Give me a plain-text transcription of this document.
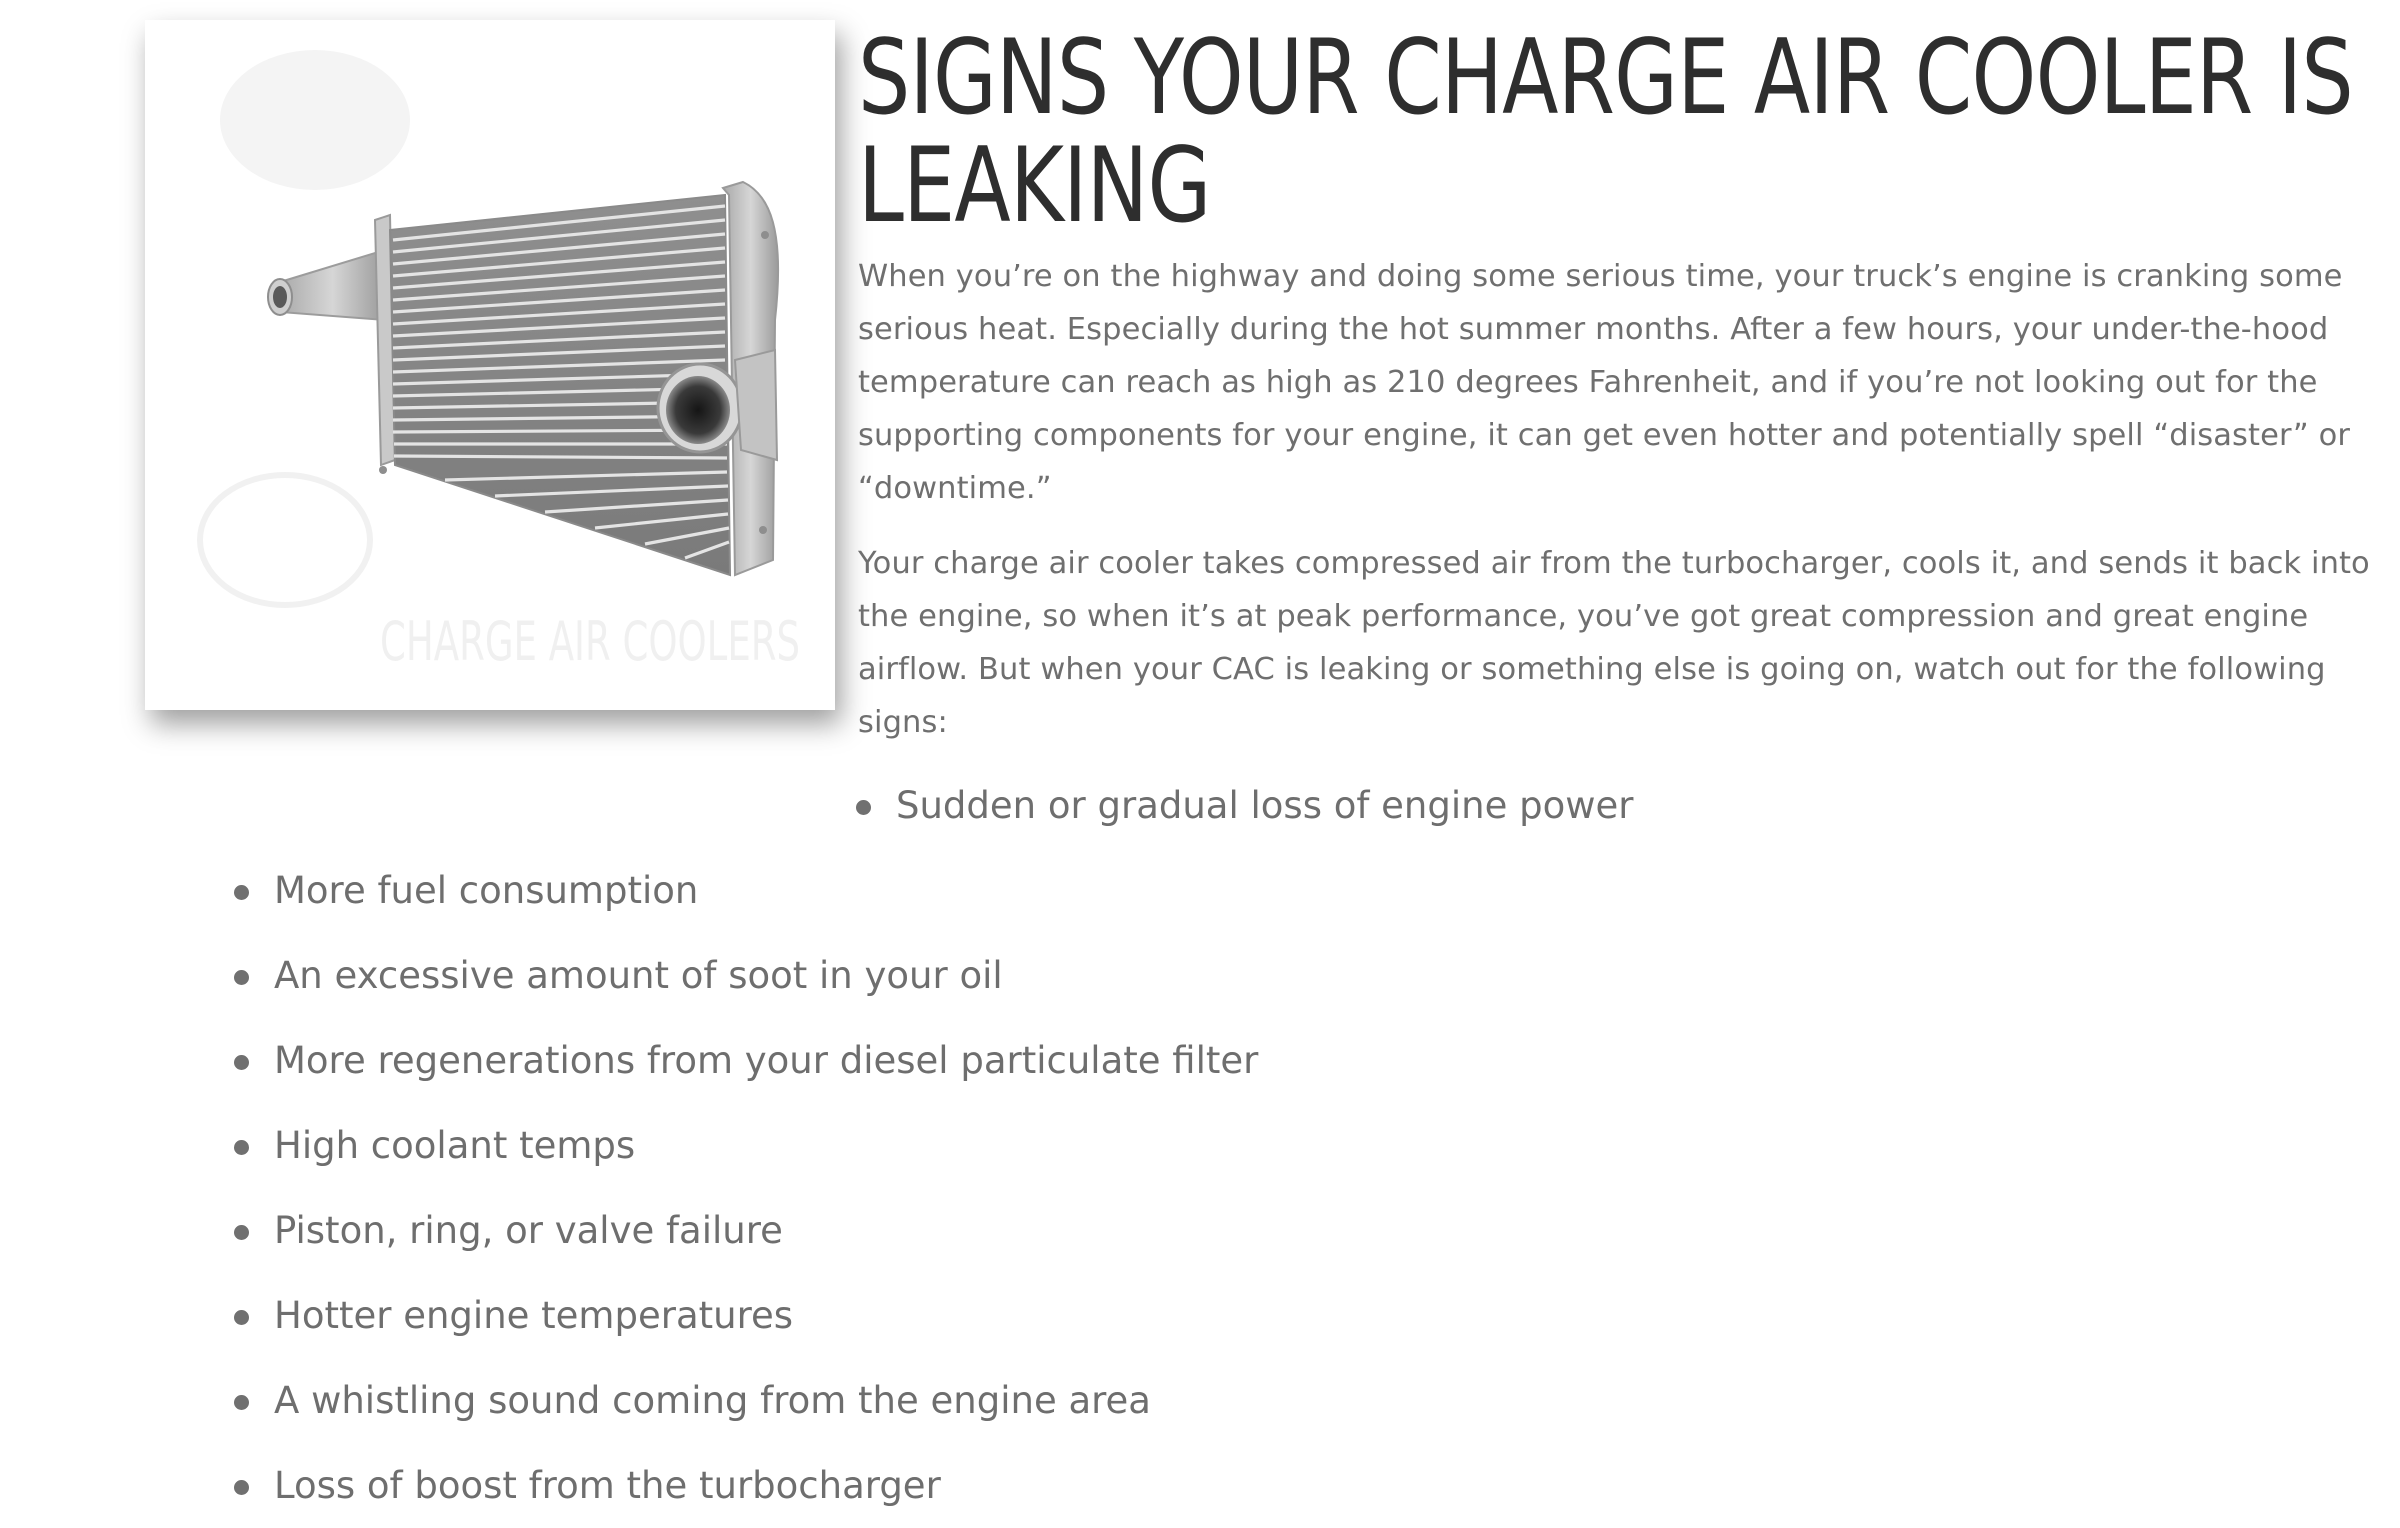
CHARGE AIR COOLERS
SIGNS YOUR CHARGE AIR COOLER IS
LEAKING

When you’re on the highway and doing some serious time, your truck’s engine is cranking some serious heat. Especially during the hot summer months. After a few hours, your under-the-hood temperature can reach as high as 210 degrees Fahrenheit, and if you’re not looking out for the supporting components for your engine, it can get even hotter and potentially spell “disaster” or “downtime.”

Your charge air cooler takes compressed air from the turbocharger, cools it, and sends it back into the engine, so when it’s at peak performance, you’ve got great compression and great engine airflow. But when your CAC is leaking or something else is going on, watch out for the following signs:

Sudden or gradual loss of engine power
More fuel consumption
An excessive amount of soot in your oil
More regenerations from your diesel particulate filter
High coolant temps
Piston, ring, or valve failure
Hotter engine temperatures
A whistling sound coming from the engine area
Loss of boost from the turbocharger
